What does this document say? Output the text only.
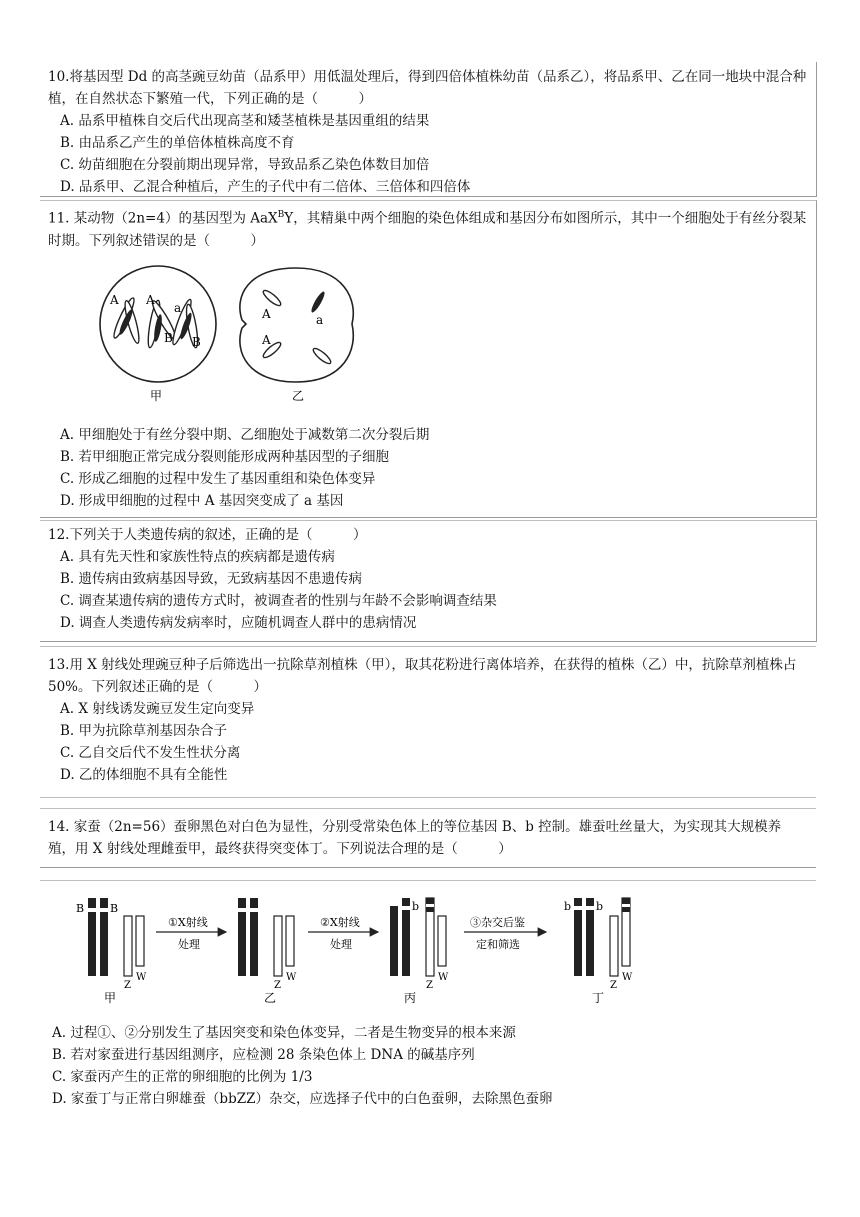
10.将基因型 Dd 的高茎豌豆幼苗（品系甲）用低温处理后，得到四倍体植株幼苗（品系乙），将品系甲、乙在同一地块中混合种植，在自然状态下繁殖一代，下列正确的是（　　　）

A. 品系甲植株自交后代出现高茎和矮茎植株是基因重组的结果

B. 由品系乙产生的单倍体植株高度不育

C. 幼苗细胞在分裂前期出现异常，导致品系乙染色体数目加倍

D. 品系甲、乙混合种植后，产生的子代中有二倍体、三倍体和四倍体

11. 某动物（2n=4）的基因型为 AaX$^B$Y，其精巢中两个细胞的染色体组成和基因分布如图所示，其中一个细胞处于有丝分裂某时期。下列叙述错误的是（　　　）

A A
a
B B
甲
A
A
a
乙

A. 甲细胞处于有丝分裂中期、乙细胞处于减数第二次分裂后期

B. 若甲细胞正常完成分裂则能形成两种基因型的子细胞

C. 形成乙细胞的过程中发生了基因重组和染色体变异

D. 形成甲细胞的过程中 A 基因突变成了 a 基因

12.下列关于人类遗传病的叙述，正确的是（　　　）

A. 具有先天性和家族性特点的疾病都是遗传病

B. 遗传病由致病基因导致，无致病基因不患遗传病

C. 调查某遗传病的遗传方式时，被调查者的性别与年龄不会影响调查结果

D. 调查人类遗传病发病率时，应随机调查人群中的患病情况

13.用 X 射线处理豌豆种子后筛选出一抗除草剂植株（甲），取其花粉进行离体培养，在获得的植株（乙）中，抗除草剂植株占 50%。下列叙述正确的是（　　　）

A. X 射线诱发豌豆发生定向变异

B. 甲为抗除草剂基因杂合子

C. 乙自交后代不发生性状分离

D. 乙的体细胞不具有全能性

14. 家蚕（2n=56）蚕卵黑色对白色为显性，分别受常染色体上的等位基因 B、b 控制。雄蚕吐丝量大，为实现其大规模养殖，用 X 射线处理雌蚕甲，最终获得突变体丁。下列说法合理的是（　　　）

B B
Z
W
甲
①X射线
处理
Z
W
乙
②X射线
处理
b
Z
W
丙
③杂交后鉴
定和筛选
b b
Z
W
丁

A. 过程①、②分别发生了基因突变和染色体变异，二者是生物变异的根本来源

B. 若对家蚕进行基因组测序，应检测 28 条染色体上 DNA 的碱基序列

C. 家蚕丙产生的正常的卵细胞的比例为 1/3

D. 家蚕丁与正常白卵雄蚕（bbZZ）杂交，应选择子代中的白色蚕卵，去除黑色蚕卵
